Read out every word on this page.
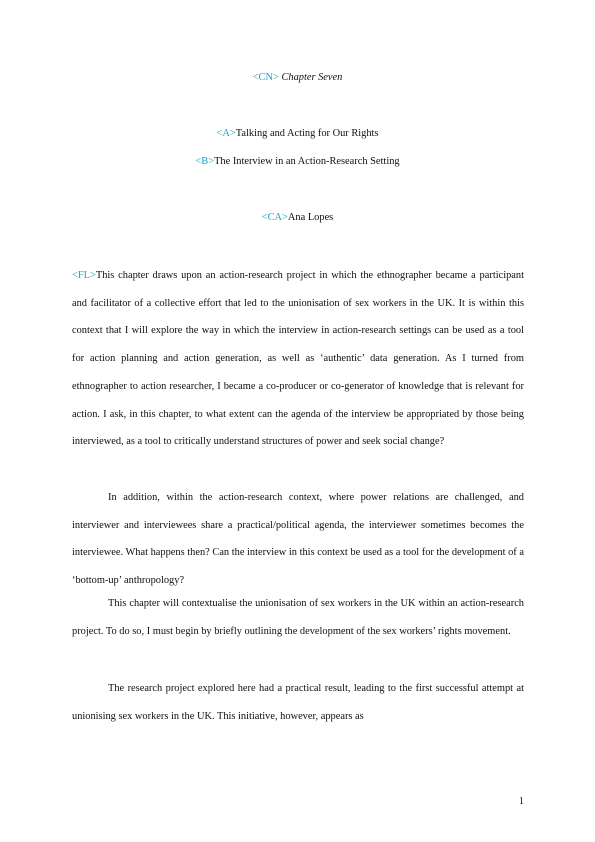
<CN> Chapter Seven
<A>Talking and Acting for Our Rights
<B>The Interview in an Action-Research Setting
<CA>Ana Lopes

<FL>This chapter draws upon an action-research project in which the ethnographer became a participant and facilitator of a collective effort that led to the unionisation of sex workers in the UK. It is within this context that I will explore the way in which the interview in action-research settings can be used as a tool for action planning and action generation, as well as ‘authentic’ data generation. As I turned from ethnographer to action researcher, I became a co-producer or co-generator of knowledge that is relevant for action. I ask, in this chapter, to what extent can the agenda of the interview be appropriated by those being interviewed, as a tool to critically understand structures of power and seek social change?

In addition, within the action-research context, where power relations are challenged, and interviewer and interviewees share a practical/political agenda, the interviewer sometimes becomes the interviewee. What happens then? Can the interview in this context be used as a tool for the development of a ‘bottom-up’ anthropology?

This chapter will contextualise the unionisation of sex workers in the UK within an action-research project. To do so, I must begin by briefly outlining the development of the sex workers’ rights movement.

The research project explored here had a practical result, leading to the first successful attempt at unionising sex workers in the UK. This initiative, however, appears as

1
